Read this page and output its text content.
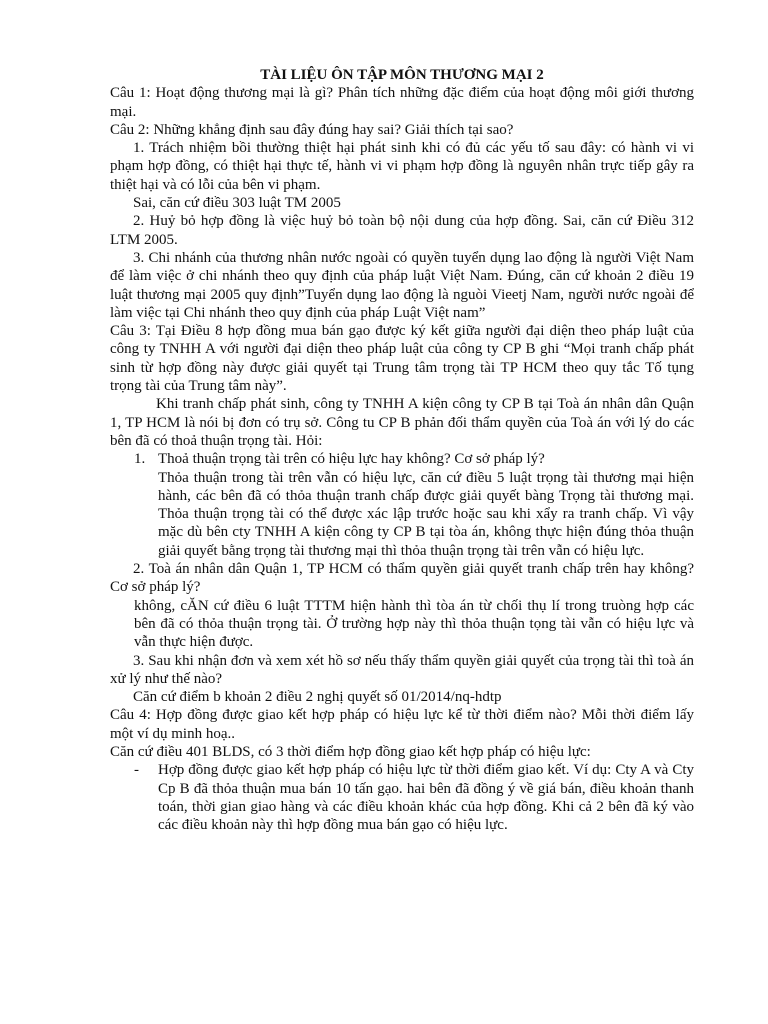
TÀI LIỆU ÔN TẬP MÔN THƯƠNG MẠI 2
Câu 1: Hoạt động thương mại là gì? Phân tích những đặc điểm của hoạt động môi giới thương mại.
Câu 2: Những khẳng định sau đây đúng hay sai? Giải thích tại sao?
1. Trách nhiệm bồi thường thiệt hại phát sinh khi có đủ các yếu tố sau đây: có hành vi vi phạm hợp đồng, có thiệt hại thực tế, hành vi vi phạm hợp đồng là nguyên nhân trực tiếp gây ra thiệt hại và có lỗi của bên vi phạm.
Sai, căn cứ điều 303 luật TM 2005
2. Huỷ bỏ hợp đồng là việc huỷ bỏ toàn bộ nội dung của hợp đồng. Sai, căn cứ Điều 312 LTM 2005.
3. Chi nhánh của thương nhân nước ngoài có quyền tuyển dụng lao động là người Việt Nam để làm việc ở chi nhánh theo quy định của pháp luật Việt Nam. Đúng, căn cứ khoản 2 điều 19 luật thương mại 2005 quy định”Tuyển dụng lao động là nguòi Vieetj Nam, người nước ngoài để làm việc tại Chi nhánh theo quy định của pháp Luật Việt nam”
Câu 3: Tại Điều 8 hợp đồng mua bán gạo được ký kết giữa người đại diện theo pháp luật của công ty TNHH A với người đại diện theo pháp luật của công ty CP B ghi “Mọi tranh chấp phát sinh từ hợp đồng này được giải quyết tại Trung tâm trọng tài TP HCM theo quy tắc Tố tụng trọng tài của Trung tâm này”.
Khi tranh chấp phát sinh, công ty TNHH A kiện công ty CP B tại Toà án nhân dân Quận 1, TP HCM là nói bị đơn có trụ sở. Công tu CP B phản đối thẩm quyền của Toà án với lý do các bên đã có thoả thuận trọng tài. Hỏi:
1. Thoả thuận trọng tài trên có hiệu lực hay không? Cơ sở pháp lý?
Thỏa thuận trong tài trên vẫn có hiệu lực, căn cứ điều 5 luật trọng tài thương mại hiện hành, các bên đã có thỏa thuận tranh chấp được giải quyết bàng Trọng tài thương mại. Thỏa thuận trọng tài có thể được xác lập trước hoặc sau khi xẩy ra tranh chấp. Vì vậy mặc dù bên cty TNHH A kiện công ty CP B tại tòa án, không thực hiện đúng thỏa thuận giải quyết bằng trọng tài thương mại thì thỏa thuận trọng tài trên vẫn có hiệu lực.
2. Toà án nhân dân Quận 1, TP HCM có thẩm quyền giải quyết tranh chấp trên hay không? Cơ sở pháp lý?
không, cĂN cứ điều 6 luật TTTM hiện hành thì tòa án từ chối thụ lí trong truòng hợp các bên đã có thỏa thuận trọng tài. Ở trường hợp này thì thỏa thuận tọng tài vẫn có hiệu lực và vẫn thực hiện được.
3. Sau khi nhận đơn và xem xét hồ sơ nếu thấy thẩm quyền giải quyết của trọng tài thì toà án xử lý như thế nào?
Căn cứ điểm b khoản 2 điều 2 nghị quyết số 01/2014/nq-hdtp
Câu 4: Hợp đồng được giao kết hợp pháp có hiệu lực kể từ thời điểm nào? Mỗi thời điểm lấy một ví dụ minh hoạ..
Căn cứ điều 401 BLDS, có 3 thời điểm hợp đồng giao kết hợp pháp có hiệu lực:
-	Hợp đồng được giao kết hợp pháp có hiệu lực từ thời điểm giao kết. Ví dụ: Cty A và Cty Cp B đã thỏa thuận mua bán 10 tấn gạo. hai bên đã đồng ý về giá bán, điều khoản thanh toán, thời gian giao hàng và các điều khoản khác của hợp đồng. Khi cả 2 bên đã ký vào các điều khoản này thì hợp đồng mua bán gạo có hiệu lực.
